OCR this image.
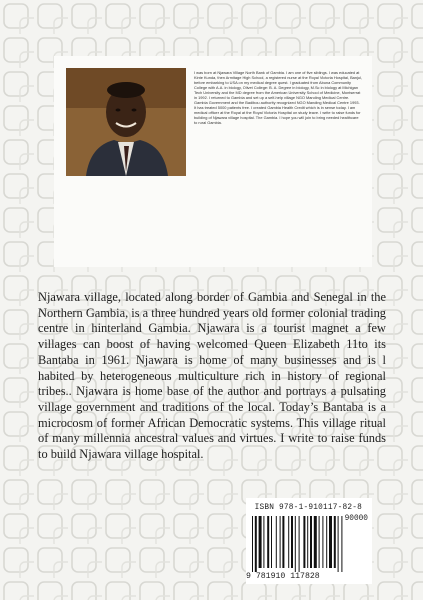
I was born at Njawara Village North Bank of Gambia. I am one of five siblings. I was educated at Kinte Kunda, then Armitage High School, a registered nurse at the Royal Victoria Hospital, Banjul, before embarking to USA on my medical degree quest. I graduated from Abuna Community College with A.A. in biology, Olivet College: B. A. Degree in biology, M.Sc in biology at Michigan Tech University and the MD degree from the American University School of Medicine, Montserrat in 1992. I returned to Gambia and set up a self-help village NGO Manding Medical Centre. Gambia Government and the Badibou authority recognized NGO Manding Medical Centre 1993. It has treated 5000 patients free. I created Gambia Health Credit which is in sense today. I am medical officer at the Royal at the Royal Victoria Hospital on study leave. I write to raise funds for building of Njawara village hospital. The Gambia. I hope you will join to bring needed healthcare to rural Gambia.
Njawara village, located along border of Gambia and Senegal in the Northern Gambia, is a three hundred years old former colonial trading centre in hinterland Gambia. Njawara is a tourist magnet a few villages can boost of having welcomed Queen Elizabeth 11to its Bantaba in 1961. Njawara is home of many businesses and is l habited by heterogeneous multiculture rich in history of regional tribes.. Njawara is home base of the author and portrays a pulsating village government and traditions of the local. Today’s Bantaba is a microcosm of former African Democratic systems. This village ritual of many millennia ancestral values and virtues. I write to raise funds to build Njawara village hospital.
ISBN 978-1-910117-82-8
90000
9 781910 117828
